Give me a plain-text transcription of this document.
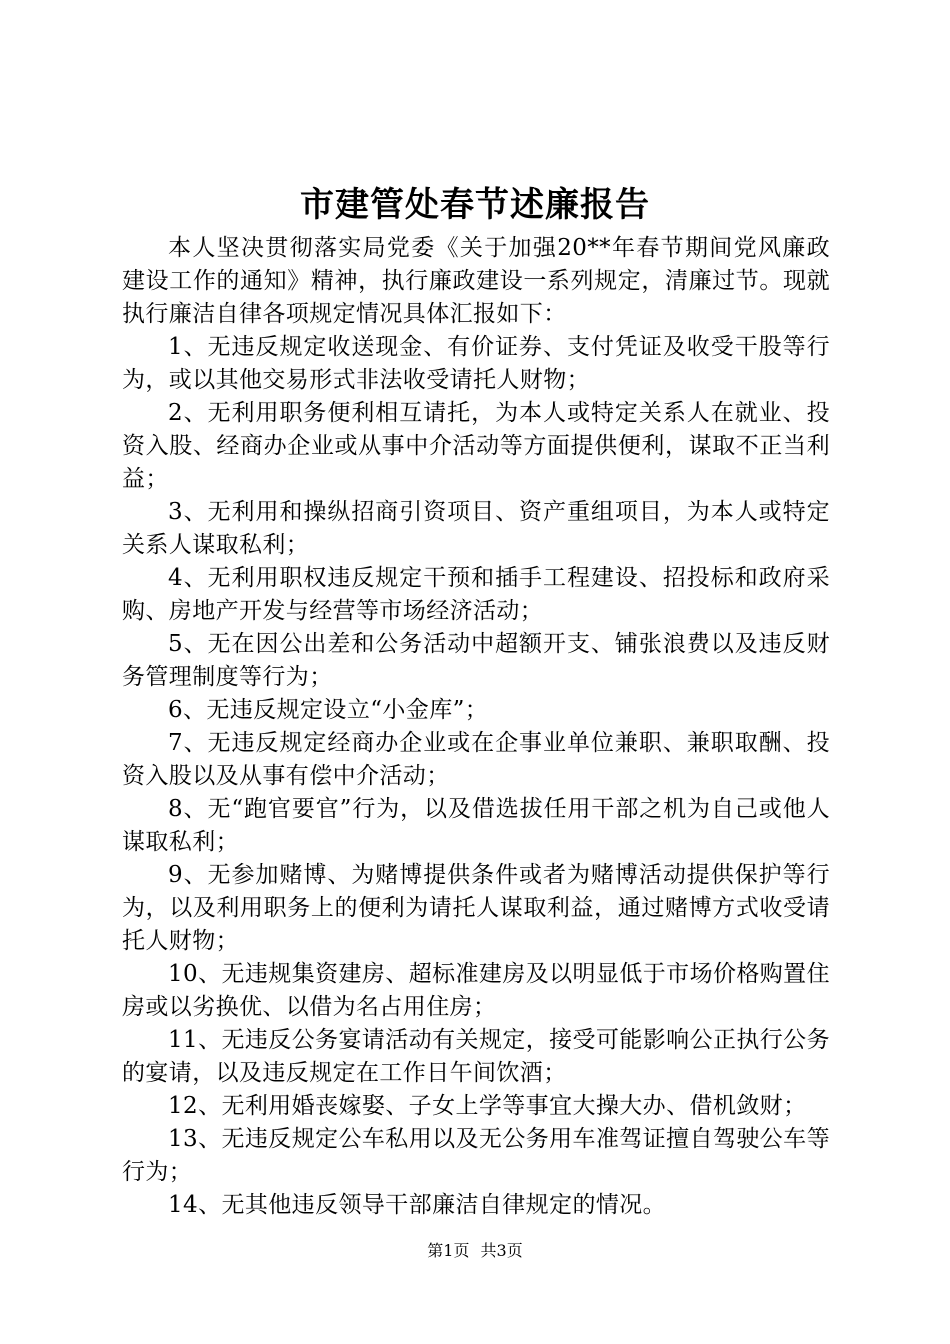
市建管处春节述廉报告

本人坚决贯彻落实局党委《关于加强20**年春节期间党风廉政建设工作的通知》精神，执行廉政建设一系列规定，清廉过节。现就执行廉洁自律各项规定情况具体汇报如下：

1、无违反规定收送现金、有价证券、支付凭证及收受干股等行为，或以其他交易形式非法收受请托人财物；

2、无利用职务便利相互请托，为本人或特定关系人在就业、投资入股、经商办企业或从事中介活动等方面提供便利，谋取不正当利益；

3、无利用和操纵招商引资项目、资产重组项目，为本人或特定关系人谋取私利；

4、无利用职权违反规定干预和插手工程建设、招投标和政府采购、房地产开发与经营等市场经济活动；

5、无在因公出差和公务活动中超额开支、铺张浪费以及违反财务管理制度等行为；

6、无违反规定设立“小金库”；

7、无违反规定经商办企业或在企事业单位兼职、兼职取酬、投资入股以及从事有偿中介活动；

8、无“跑官要官”行为，以及借选拔任用干部之机为自己或他人谋取私利；

9、无参加赌博、为赌博提供条件或者为赌博活动提供保护等行为，以及利用职务上的便利为请托人谋取利益，通过赌博方式收受请托人财物；

10、无违规集资建房、超标准建房及以明显低于市场价格购置住房或以劣换优、以借为名占用住房；

11、无违反公务宴请活动有关规定，接受可能影响公正执行公务的宴请，以及违反规定在工作日午间饮酒；

12、无利用婚丧嫁娶、子女上学等事宜大操大办、借机敛财；

13、无违反规定公车私用以及无公务用车准驾证擅自驾驶公车等行为；

14、无其他违反领导干部廉洁自律规定的情况。

第1页 共3页
